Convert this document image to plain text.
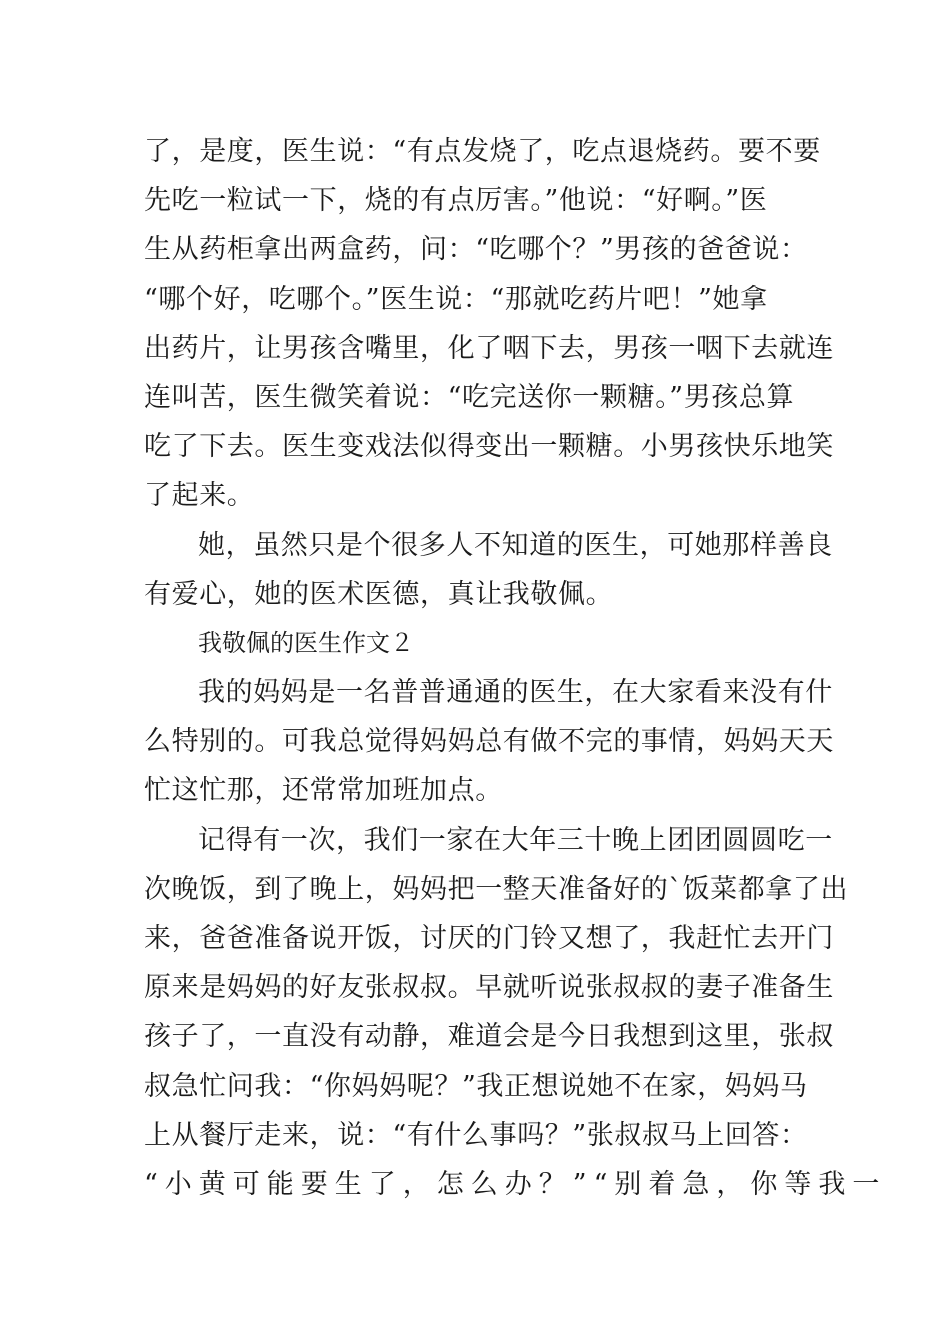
了，是度，医生说：“有点发烧了，吃点退烧药。要不要
先吃一粒试一下，烧的有点厉害。”他说：“好啊。”医
生从药柜拿出两盒药，问：“吃哪个？”男孩的爸爸说：
“哪个好，吃哪个。”医生说：“那就吃药片吧！”她拿
出药片，让男孩含嘴里，化了咽下去，男孩一咽下去就连
连叫苦，医生微笑着说：“吃完送你一颗糖。”男孩总算
吃了下去。医生变戏法似得变出一颗糖。小男孩快乐地笑
了起来。
她，虽然只是个很多人不知道的医生，可她那样善良
有爱心，她的医术医德，真让我敬佩。
我敬佩的医生作文２
我的妈妈是一名普普通通的医生，在大家看来没有什
么特别的。可我总觉得妈妈总有做不完的事情，妈妈天天
忙这忙那，还常常加班加点。
记得有一次，我们一家在大年三十晚上团团圆圆吃一
次晚饭，到了晚上，妈妈把一整天准备好的`饭菜都拿了出
来，爸爸准备说开饭，讨厌的门铃又想了，我赶忙去开门
原来是妈妈的好友张叔叔。早就听说张叔叔的妻子准备生
孩子了，一直没有动静，难道会是今日我想到这里，张叔
叔急忙问我：“你妈妈呢？”我正想说她不在家，妈妈马
上从餐厅走来，说：“有什么事吗？”张叔叔马上回答：
“小黄可能要生了，怎么办？”“别着急，你等我一
